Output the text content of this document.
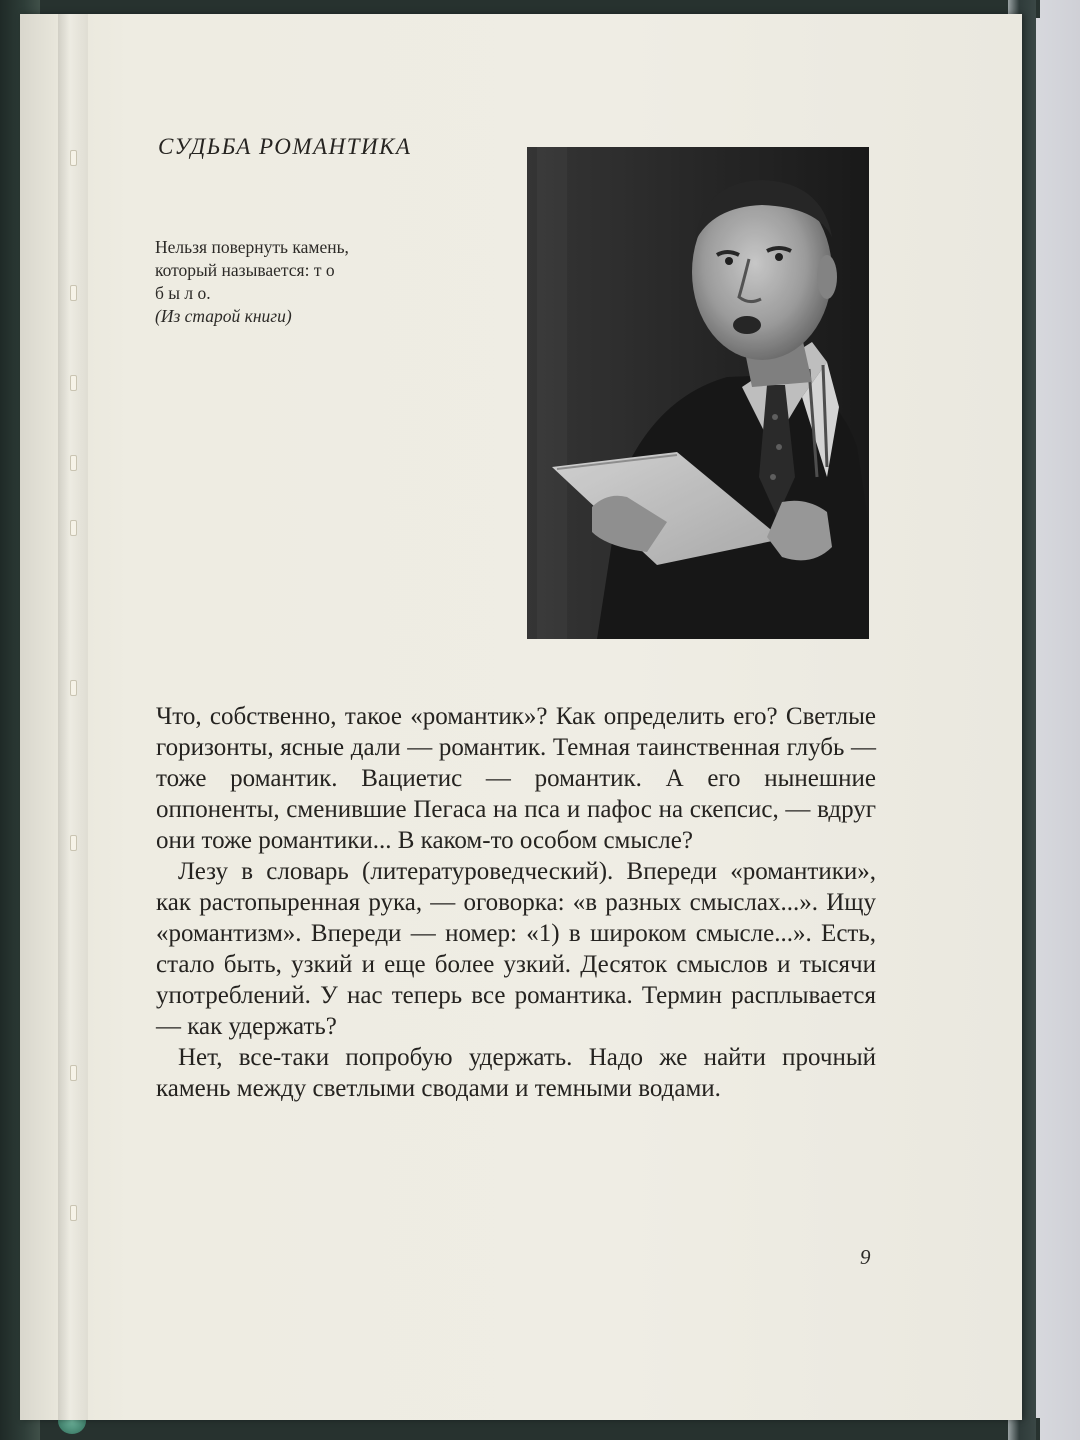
СУДЬБА РОМАНТИКА
Нельзя повернуть камень,
который называется: т о
б ы л о.
(Из старой книги)

Что, собственно, такое «романтик»? Как определить его? Светлые горизонты, ясные дали — романтик. Темная таинственная глубь — тоже романтик. Вациетис — романтик. А его нынешние оппоненты, сменившие Пегаса на пса и пафос на скепсис, — вдруг они тоже романтики... В каком-то особом смысле?

Лезу в словарь (литературоведческий). Впереди «романтики», как растопыренная рука, — оговорка: «в разных смыслах...». Ищу «романтизм». Впереди — номер: «1) в широком смысле...». Есть, стало быть, узкий и еще более узкий. Десяток смыслов и тысячи употреблений. У нас теперь все романтика. Термин расплывается — как удержать?

Нет, все-таки попробую удержать. Надо же найти прочный камень между светлыми сводами и темными водами.

9
